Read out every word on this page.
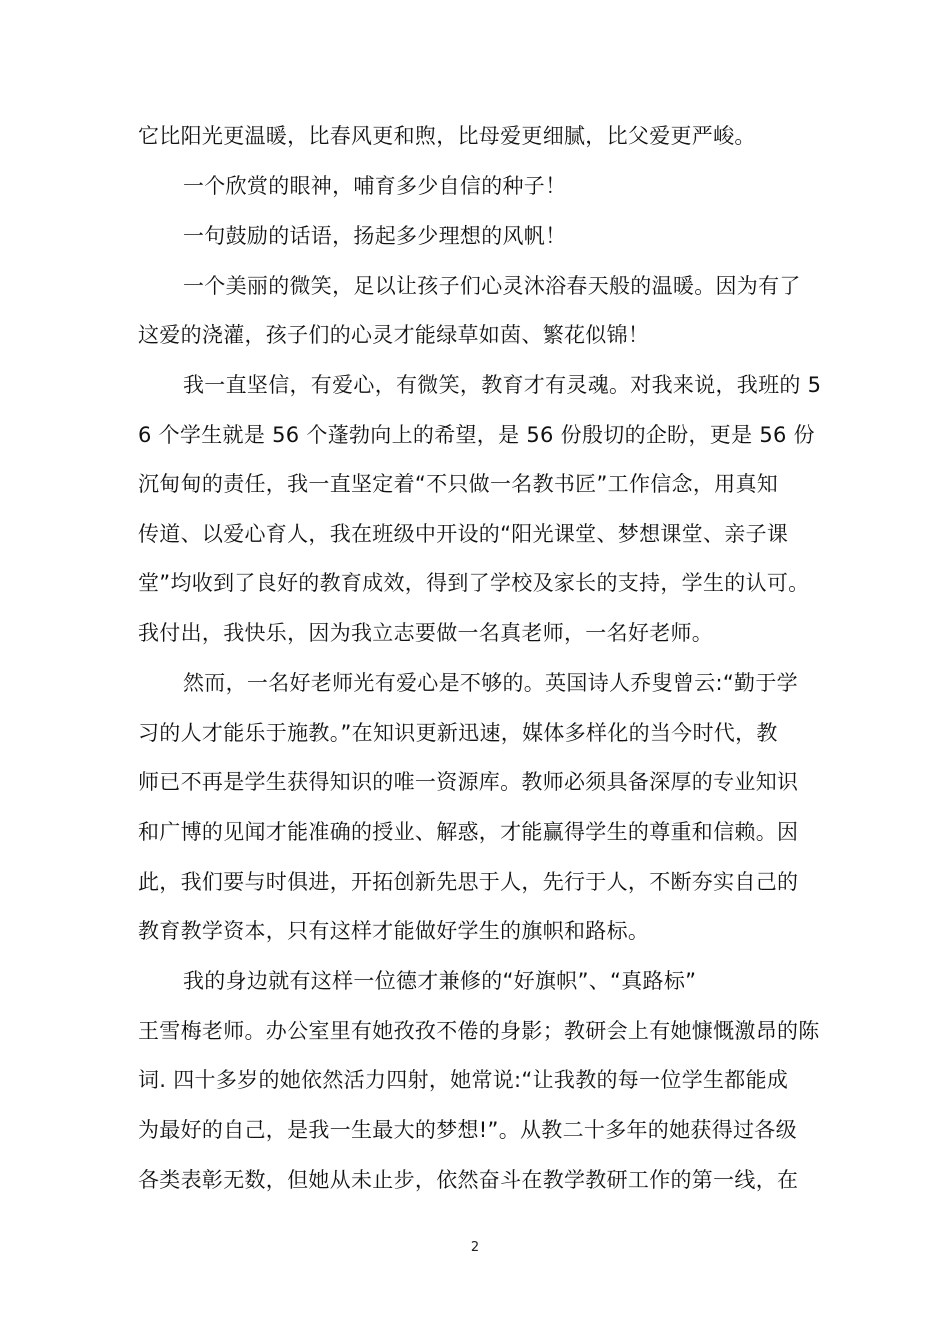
它比阳光更温暖，比春风更和煦，比母爱更细腻，比父爱更严峻。
一个欣赏的眼神，哺育多少自信的种子！
一句鼓励的话语，扬起多少理想的风帆！
一个美丽的微笑，足以让孩子们心灵沐浴春天般的温暖。因为有了
这爱的浇灌，孩子们的心灵才能绿草如茵、繁花似锦！
我一直坚信，有爱心，有微笑，教育才有灵魂。对我来说，我班的 5
6 个学生就是 56 个蓬勃向上的希望，是 56 份殷切的企盼，更是 56 份
沉甸甸的责任，我一直坚定着“不只做一名教书匠”工作信念，用真知
传道、以爱心育人，我在班级中开设的“阳光课堂、梦想课堂、亲子课
堂”均收到了良好的教育成效，得到了学校及家长的支持，学生的认可。
我付出，我快乐，因为我立志要做一名真老师，一名好老师。
然而，一名好老师光有爱心是不够的。英国诗人乔叟曾云:“勤于学
习的人才能乐于施教。”在知识更新迅速，媒体多样化的当今时代，教
师已不再是学生获得知识的唯一资源库。教师必须具备深厚的专业知识
和广博的见闻才能准确的授业、解惑，才能赢得学生的尊重和信赖。因
此，我们要与时俱进，开拓创新先思于人，先行于人，不断夯实自己的
教育教学资本，只有这样才能做好学生的旗帜和路标。
我的身边就有这样一位德才兼修的“好旗帜”、“真路标”
王雪梅老师。办公室里有她孜孜不倦的身影；教研会上有她慷慨激昂的陈
词. 四十多岁的她依然活力四射，她常说:“让我教的每一位学生都能成
为最好的自己，是我一生最大的梦想!”。从教二十多年的她获得过各级
各类表彰无数，但她从未止步，依然奋斗在教学教研工作的第一线，在
2
